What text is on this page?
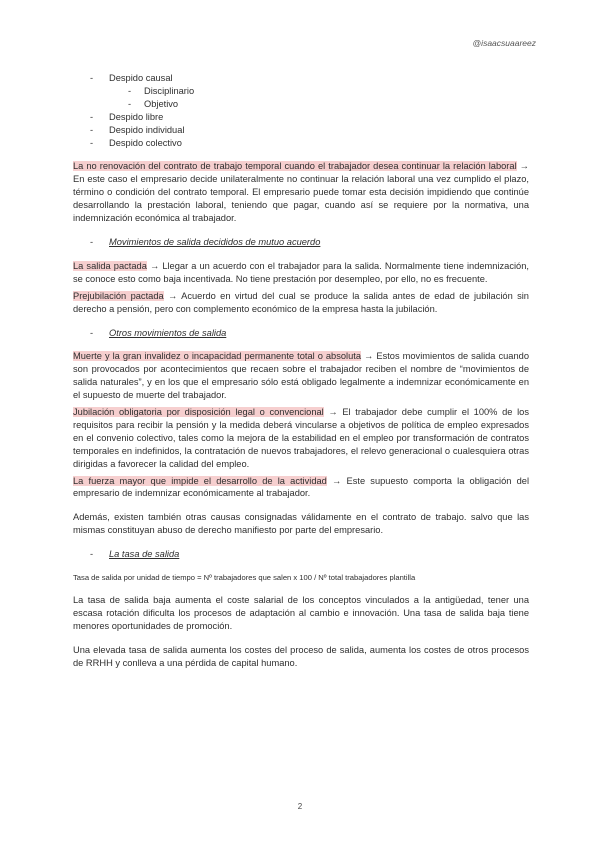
@isaacsuaareez
- Despido causal
- Disciplinario
- Objetivo
- Despido libre
- Despido individual
- Despido colectivo

La no renovación del contrato de trabajo temporal cuando el trabajador desea continuar la relación laboral → En este caso el empresario decide unilateralmente no continuar la relación laboral una vez cumplido el plazo, término o condición del contrato temporal. El empresario puede tomar esta decisión impidiendo que continúe desarrollando la prestación laboral, teniendo que pagar, cuando así se requiere por la normativa, una indemnización económica al trabajador.

- Movimientos de salida decididos de mutuo acuerdo

La salida pactada → Llegar a un acuerdo con el trabajador para la salida. Normalmente tiene indemnización, se conoce esto como baja incentivada. No tiene prestación por desempleo, por ello, no es frecuente.

Prejubilación pactada → Acuerdo en virtud del cual se produce la salida antes de edad de jubilación sin derecho a pensión, pero con complemento económico de la empresa hasta la jubilación.

- Otros movimientos de salida

Muerte y la gran invalidez o incapacidad permanente total o absoluta → Estos movimientos de salida cuando son provocados por acontecimientos que recaen sobre el trabajador reciben el nombre de “movimientos de salida naturales”, y en los que el empresario sólo está obligado legalmente a indemnizar económicamente en el supuesto de muerte del trabajador.

Jubilación obligatoria por disposición legal o convencional → El trabajador debe cumplir el 100% de los requisitos para recibir la pensión y la medida deberá vincularse a objetivos de política de empleo expresados en el convenio colectivo, tales como la mejora de la estabilidad en el empleo por transformación de contratos temporales en indefinidos, la contratación de nuevos trabajadores, el relevo generacional o cualesquiera otras dirigidas a favorecer la calidad del empleo.

La fuerza mayor que impide el desarrollo de la actividad → Este supuesto comporta la obligación del empresario de indemnizar económicamente al trabajador.

Además, existen también otras causas consignadas válidamente en el contrato de trabajo. salvo que las mismas constituyan abuso de derecho manifiesto por parte del empresario.

- La tasa de salida

Tasa de salida por unidad de tiempo = Nº trabajadores que salen x 100 / Nº total trabajadores plantilla

La tasa de salida baja aumenta el coste salarial de los conceptos vinculados a la antigüedad, tener una escasa rotación dificulta los procesos de adaptación al cambio e innovación. Una tasa de salida baja tiene menores oportunidades de promoción.

Una elevada tasa de salida aumenta los costes del proceso de salida, aumenta los costes de otros procesos de RRHH y conlleva a una pérdida de capital humano.

2
